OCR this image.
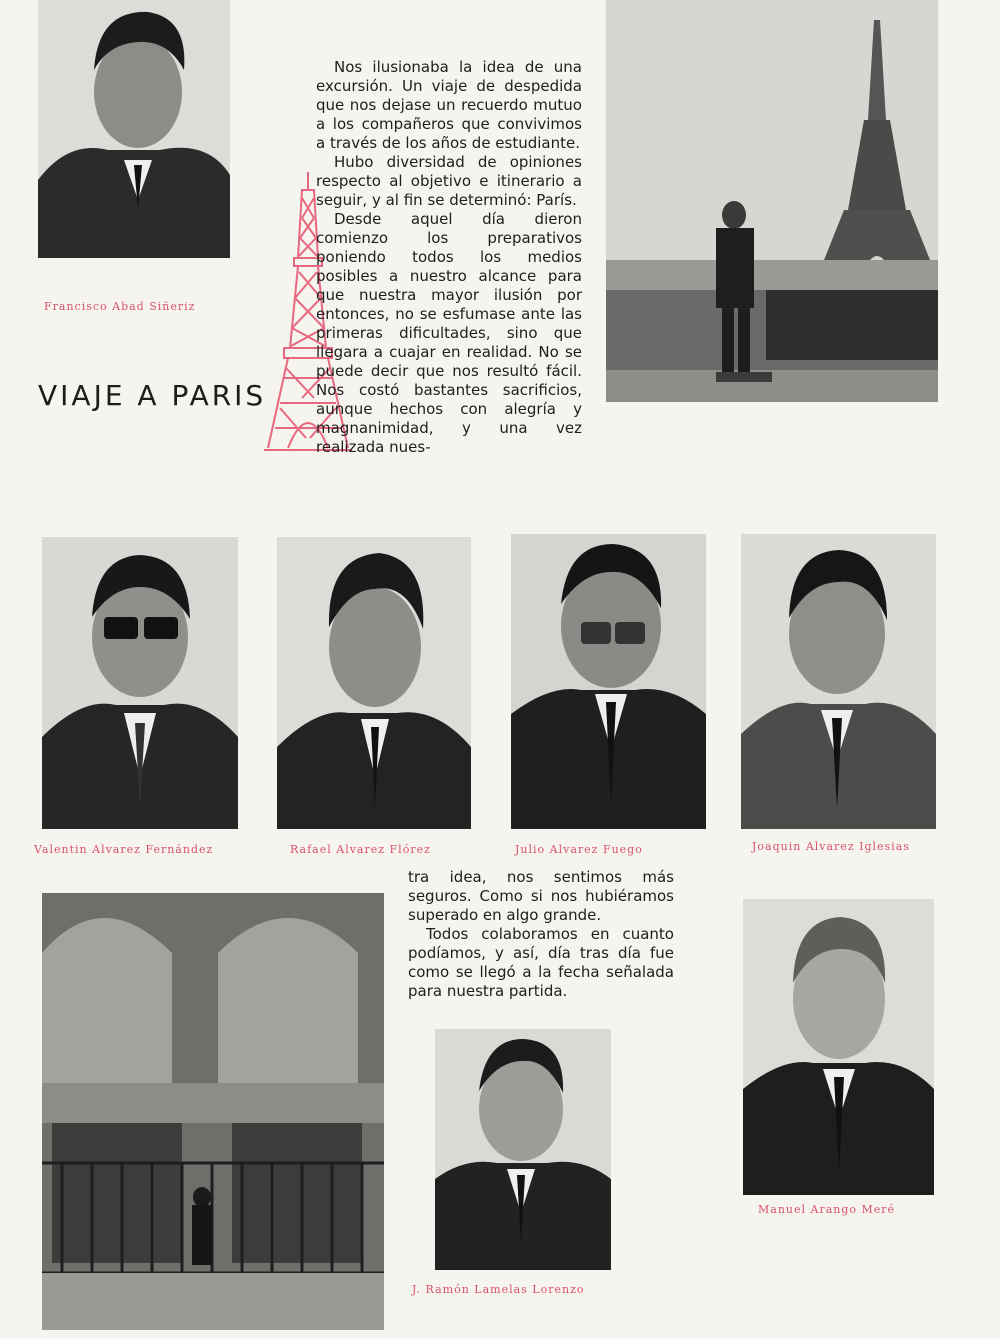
Francisco Abad Siñeriz
VIAJE A PARIS

Nos ilusionaba la idea de una excursión. Un viaje de despedida que nos dejase un recuerdo mutuo a los compañeros que convivimos a través de los años de estudiante.

Hubo diversidad de opiniones respecto al objetivo e itinerario a seguir, y al fin se determinó: París.

Desde aquel día dieron comienzo los preparativos poniendo todos los medios posibles a nuestro alcance para que nuestra mayor ilusión por entonces, no se esfumase ante las primeras dificultades, sino que llegara a cuajar en realidad. No se puede decir que nos resultó fácil. Nos costó bastantes sacrificios, aunque hechos con alegría y magnanimidad, y una vez realizada nues-

Valentin Alvarez Fernández	Rafael Alvarez Flórez	Julio Alvarez Fuego	Joaquin Alvarez Iglesias

tra idea, nos sentimos más seguros. Como si nos hubiéramos superado en algo grande.

Todos colaboramos en cuanto podíamos, y así, día tras día fue como se llegó a la fecha señalada para nuestra partida.

J. Ramón Lamelas Lorenzo
Manuel Arango Meré
